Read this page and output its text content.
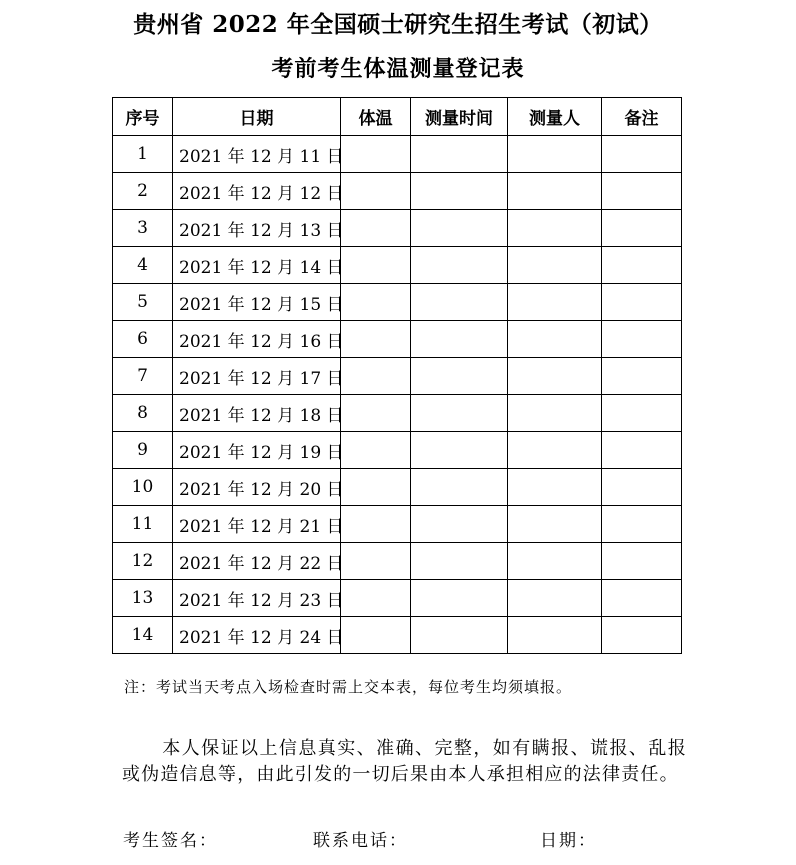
贵州省 2022 年全国硕士研究生招生考试（初试）
考前考生体温测量登记表
序号	日期	体温	测量时间	测量人	备注
1	2021 年 12 月 11 日				
2	2021 年 12 月 12 日				
3	2021 年 12 月 13 日				
4	2021 年 12 月 14 日				
5	2021 年 12 月 15 日				
6	2021 年 12 月 16 日				
7	2021 年 12 月 17 日				
8	2021 年 12 月 18 日				
9	2021 年 12 月 19 日				
10	2021 年 12 月 20 日				
11	2021 年 12 月 21 日				
12	2021 年 12 月 22 日				
13	2021 年 12 月 23 日				
14	2021 年 12 月 24 日				
注：考试当天考点入场检查时需上交本表，每位考生均须填报。
本人保证以上信息真实、准确、完整，如有瞒报、谎报、乱报或伪造信息等，由此引发的一切后果由本人承担相应的法律责任。
考生签名：	联系电话：	日期：
